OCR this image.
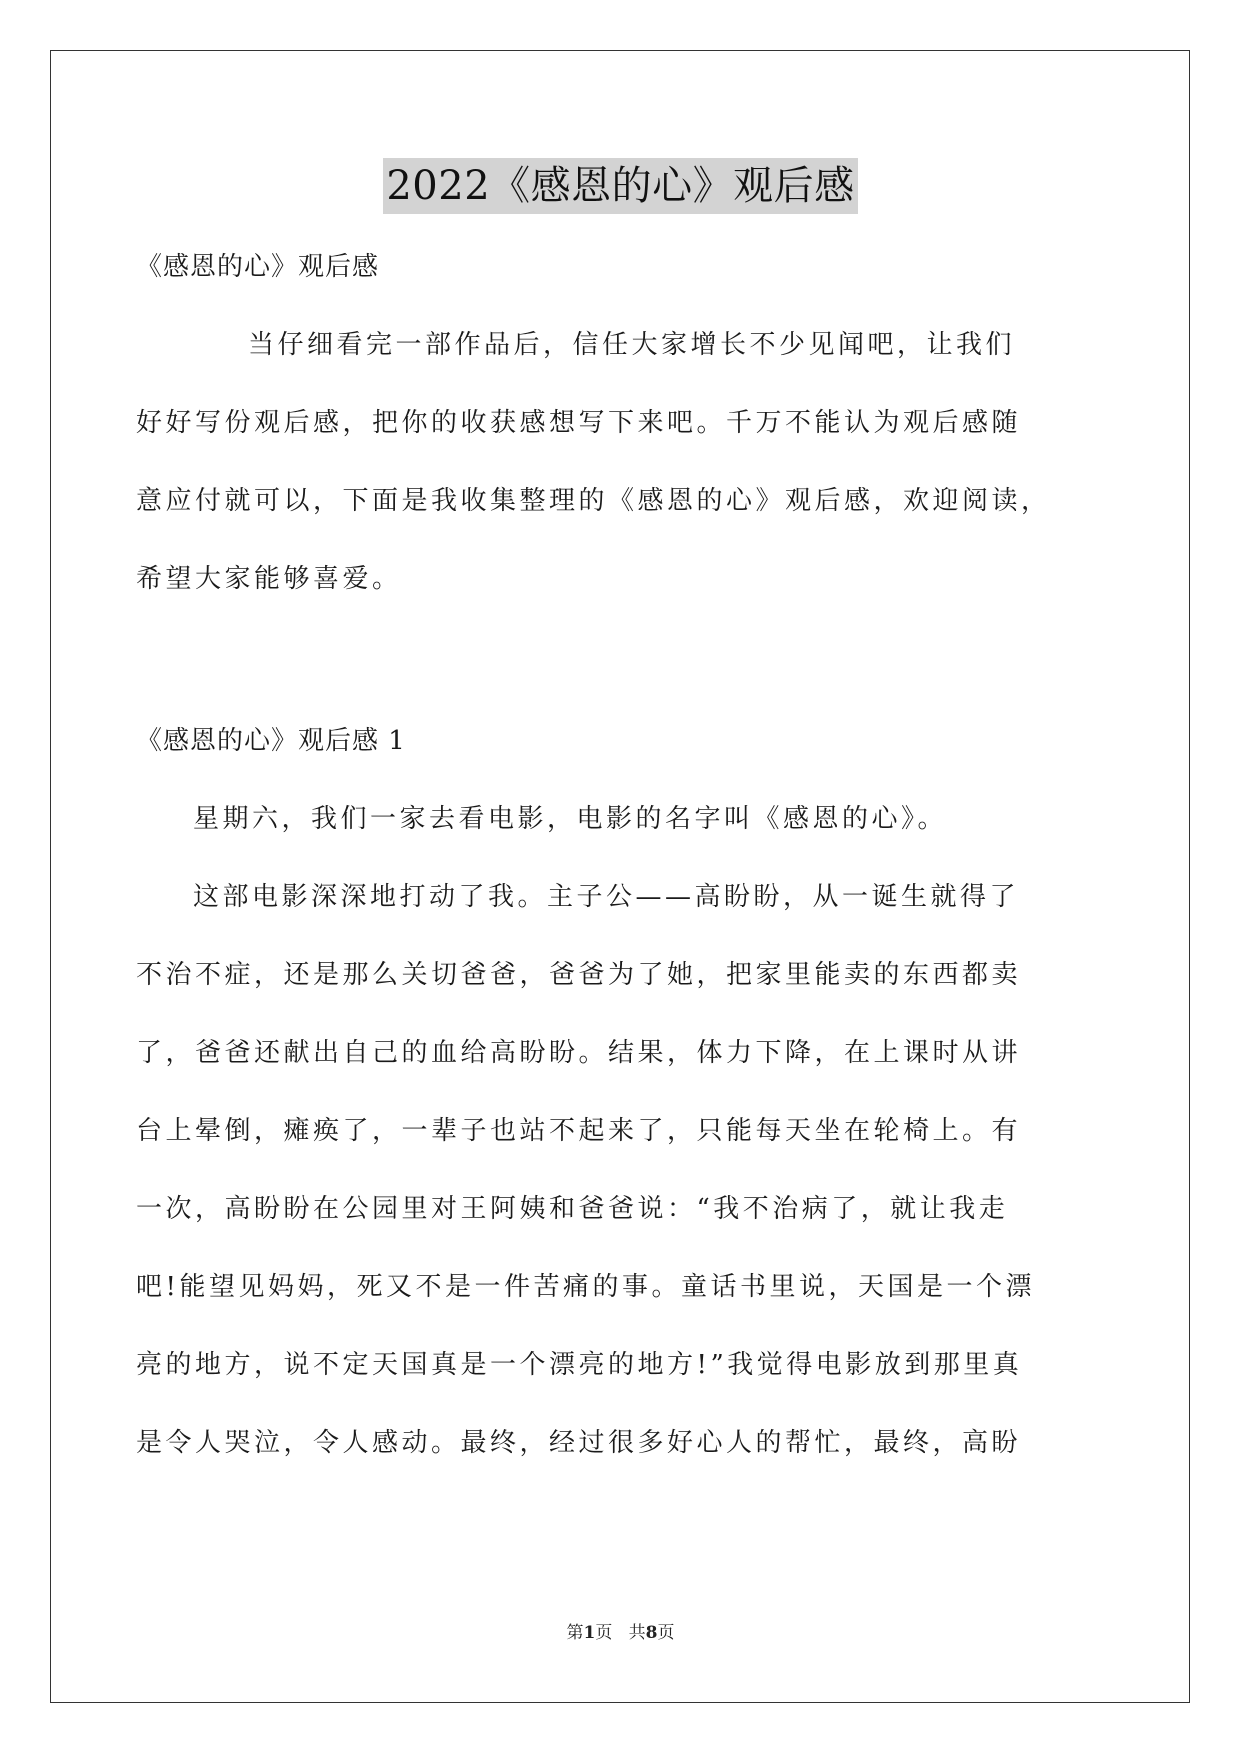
2022《感恩的心》观后感
《感恩的心》观后感
当仔细看完一部作品后，信任大家增长不少见闻吧，让我们
好好写份观后感，把你的收获感想写下来吧。千万不能认为观后感随
意应付就可以，下面是我收集整理的《感恩的心》观后感，欢迎阅读，
希望大家能够喜爱。
《感恩的心》观后感 1
星期六，我们一家去看电影，电影的名字叫《感恩的心》。
这部电影深深地打动了我。主子公——高盼盼，从一诞生就得了
不治不症，还是那么关切爸爸，爸爸为了她，把家里能卖的东西都卖
了，爸爸还献出自己的血给高盼盼。结果，体力下降，在上课时从讲
台上晕倒，瘫痪了，一辈子也站不起来了，只能每天坐在轮椅上。有
一次，高盼盼在公园里对王阿姨和爸爸说：“我不治病了，就让我走
吧!能望见妈妈，死又不是一件苦痛的事。童话书里说，天国是一个漂
亮的地方，说不定天国真是一个漂亮的地方!”我觉得电影放到那里真
是令人哭泣，令人感动。最终，经过很多好心人的帮忙，最终，高盼
第1页 共8页
